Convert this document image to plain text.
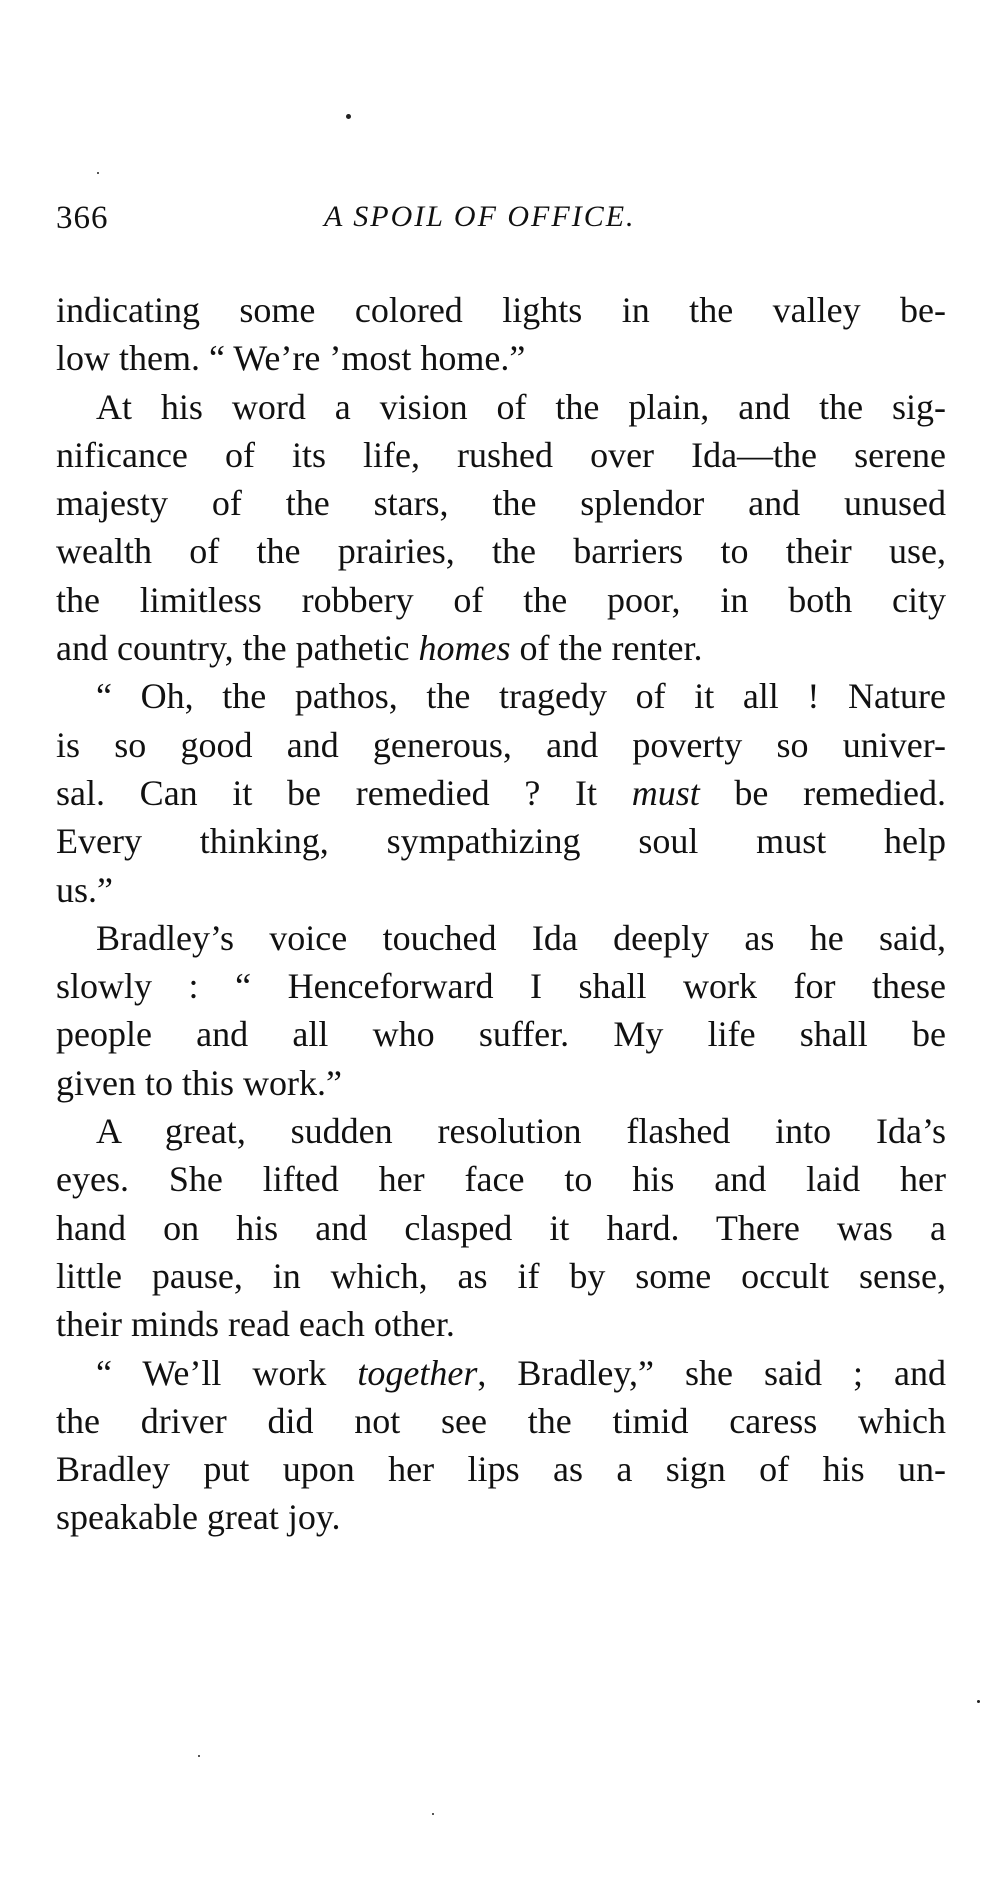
366	A SPOIL OF OFFICE.
indicating some colored lights in the valley be-
low them. “ We’re ’most home.”
At his word a vision of the plain, and the sig-
nificance of its life, rushed over Ida—the serene
majesty of the stars, the splendor and unused
wealth of the prairies, the barriers to their use,
the limitless robbery of the poor, in both city
and country, the pathetic homes of the renter.
“ Oh, the pathos, the tragedy of it all ! Nature
is so good and generous, and poverty so univer-
sal. Can it be remedied ? It must be remedied.
Every thinking, sympathizing soul must help
us.”
Bradley’s voice touched Ida deeply as he said,
slowly : “ Henceforward I shall work for these
people and all who suffer. My life shall be
given to this work.”
A great, sudden resolution flashed into Ida’s
eyes. She lifted her face to his and laid her
hand on his and clasped it hard. There was a
little pause, in which, as if by some occult sense,
their minds read each other.
“ We’ll work together, Bradley,” she said ; and
the driver did not see the timid caress which
Bradley put upon her lips as a sign of his un-
speakable great joy.
